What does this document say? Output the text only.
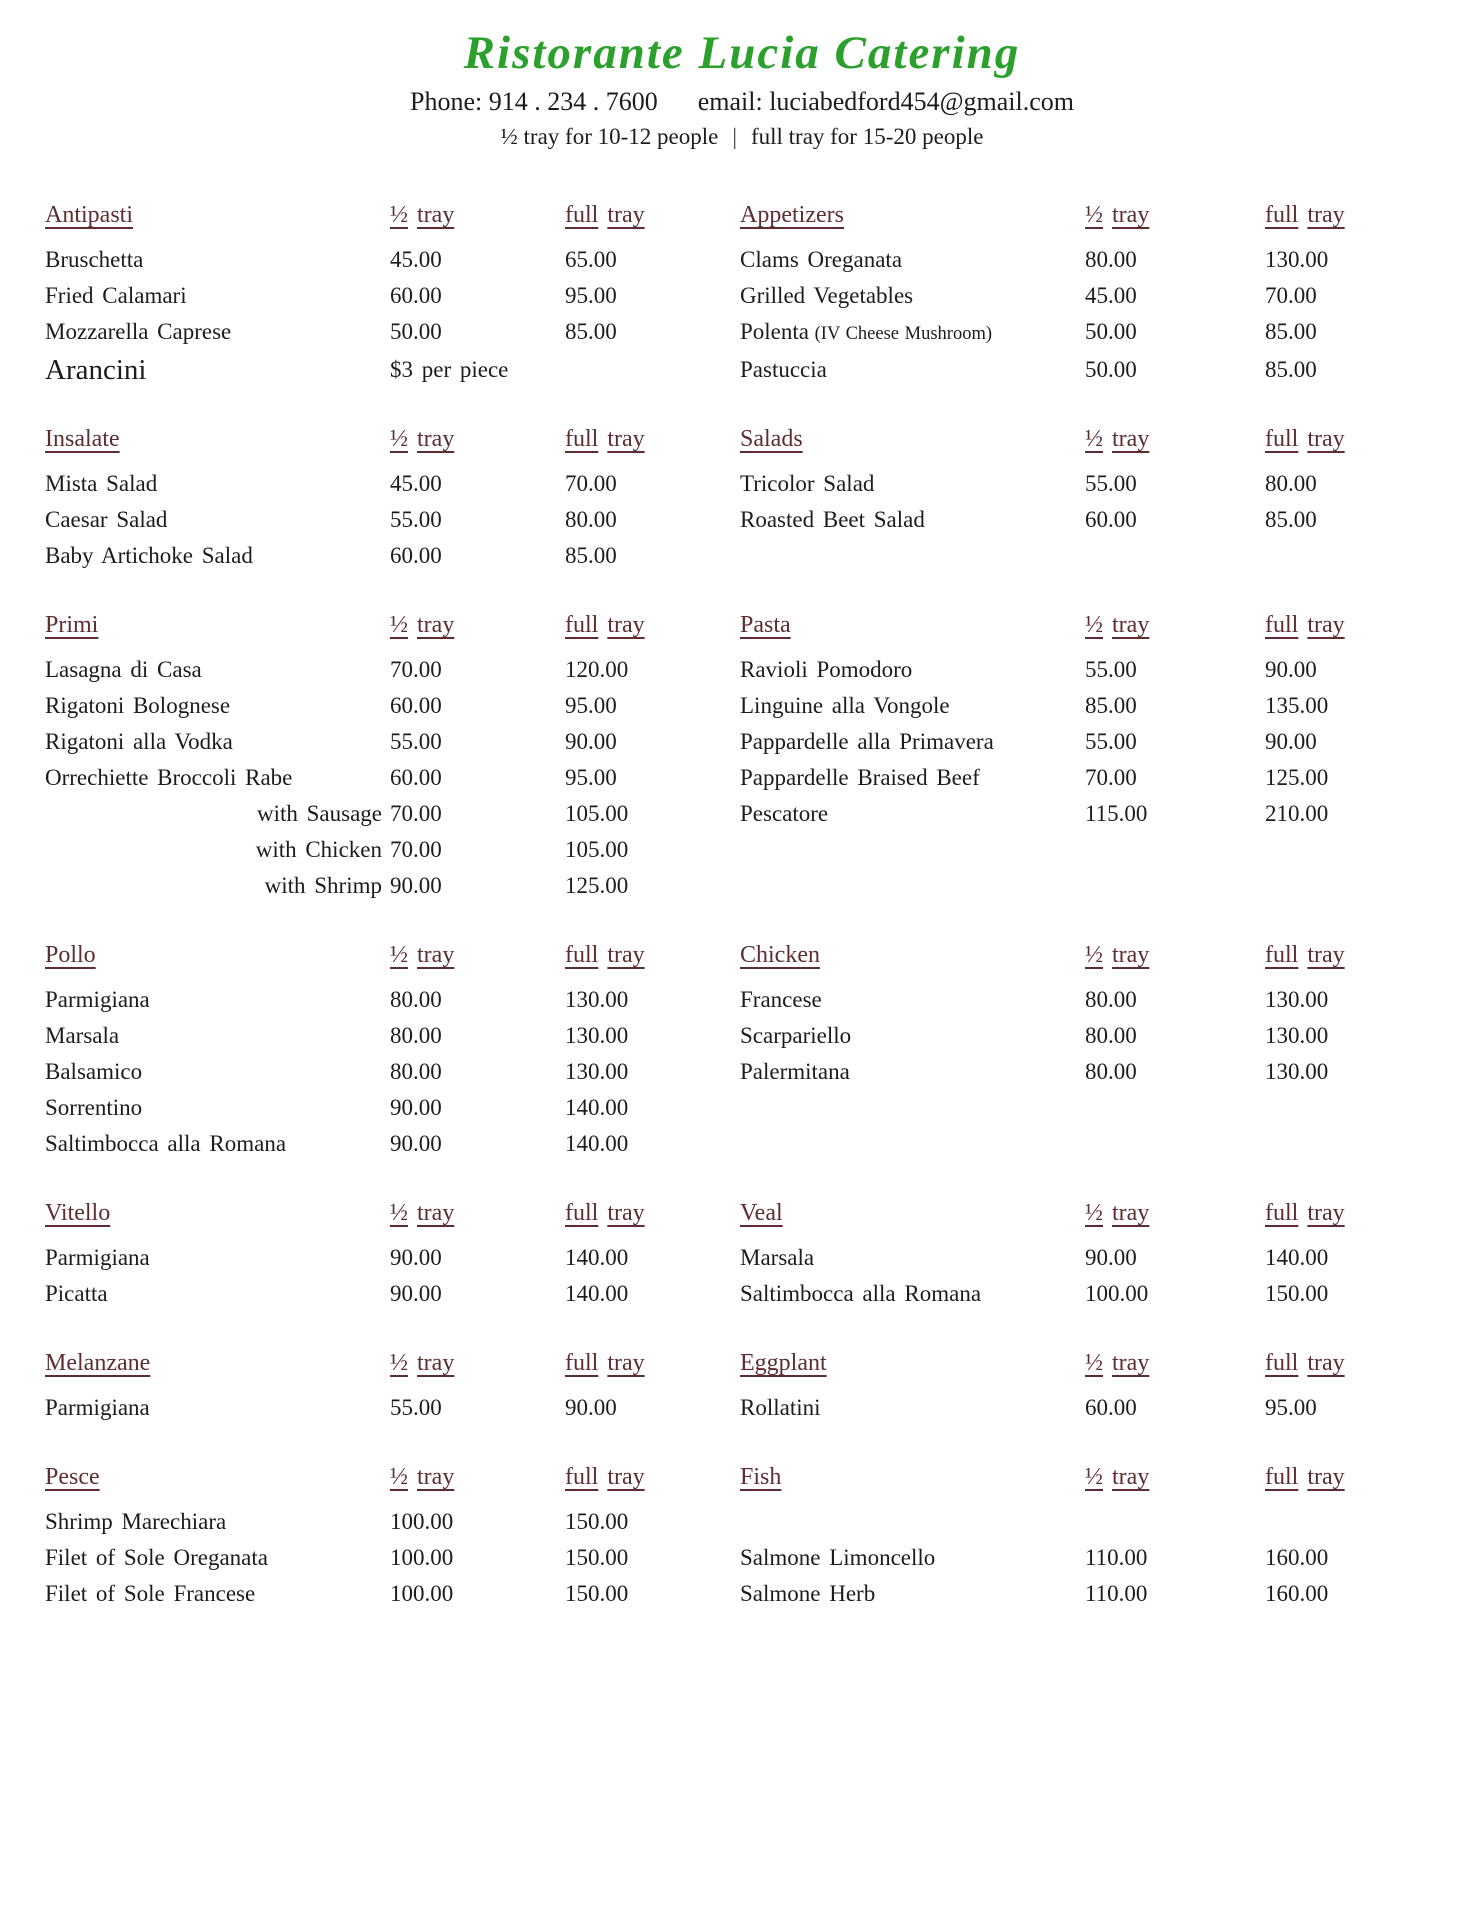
Ristorante Lucia Catering

Phone: 914 . 234 . 7600 email: luciabedford454@gmail.com

½ tray for 10-12 people | full tray for 15-20 people

Antipasti	½ tray	full tray	Appetizers	½ tray	full tray
Bruschetta	45.00	65.00	Clams Oreganata	80.00	130.00
Fried Calamari	60.00	95.00	Grilled Vegetables	45.00	70.00
Mozzarella Caprese	50.00	85.00	Polenta (IV Cheese Mushroom)	50.00	85.00
Arancini	$3 per piece	Pastuccia	50.00	85.00
Insalate	½ tray	full tray	Salads	½ tray	full tray
Mista Salad	45.00	70.00	Tricolor Salad	55.00	80.00
Caesar Salad	55.00	80.00	Roasted Beet Salad	60.00	85.00
Baby Artichoke Salad	60.00	85.00
Primi	½ tray	full tray	Pasta	½ tray	full tray
Lasagna di Casa	70.00	120.00	Ravioli Pomodoro	55.00	90.00
Rigatoni Bolognese	60.00	95.00	Linguine alla Vongole	85.00	135.00
Rigatoni alla Vodka	55.00	90.00	Pappardelle alla Primavera	55.00	90.00
Orrechiette Broccoli Rabe	60.00	95.00	Pappardelle Braised Beef	70.00	125.00
with Sausage 70.00	105.00	Pescatore	115.00	210.00
with Chicken 70.00	105.00
with Shrimp 90.00	125.00
Pollo	½ tray	full tray	Chicken	½ tray	full tray
Parmigiana	80.00	130.00	Francese	80.00	130.00
Marsala	80.00	130.00	Scarpariello	80.00	130.00
Balsamico	80.00	130.00	Palermitana	80.00	130.00
Sorrentino	90.00	140.00
Saltimbocca alla Romana	90.00	140.00
Vitello	½ tray	full tray	Veal	½ tray	full tray
Parmigiana	90.00	140.00	Marsala	90.00	140.00
Picatta	90.00	140.00	Saltimbocca alla Romana	100.00	150.00
Melanzane	½ tray	full tray	Eggplant	½ tray	full tray
Parmigiana	55.00	90.00	Rollatini	60.00	95.00
Pesce	½ tray	full tray	Fish	½ tray	full tray
Shrimp Marechiara	100.00	150.00
Filet of Sole Oreganata	100.00	150.00	Salmone Limoncello	110.00	160.00
Filet of Sole Francese	100.00	150.00	Salmone Herb	110.00	160.00
